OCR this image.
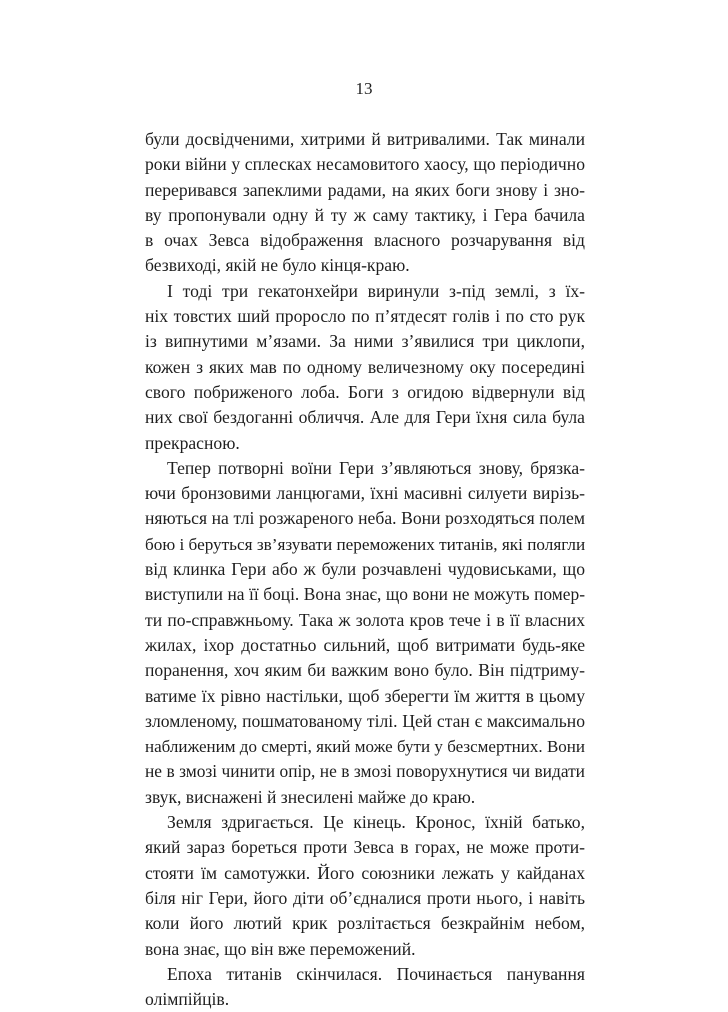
13
були досвідченими, хитрими й витривалими. Так минали
роки війни у сплесках несамовитого хаосу, що періодично
переривався запеклими радами, на яких боги знову і зно-
ву пропонували одну й ту ж саму тактику, і Гера бачила
в очах Зевса відображення власного розчарування від
безвиході, якій не було кінця-краю.
І тоді три гекатонхейри виринули з-під землі, з їх-
ніх товстих ший проросло по п’ятдесят голів і по сто рук
із випнутими м’язами. За ними з’явилися три циклопи,
кожен з яких мав по одному величезному оку посередині
свого побриженого лоба. Боги з огидою відвернули від
них свої бездоганні обличчя. Але для Гери їхня сила була
прекрасною.
Тепер потворні воїни Гери з’являються знову, брязка-
ючи бронзовими ланцюгами, їхні масивні силуети вирізь-
няються на тлі розжареного неба. Вони розходяться полем
бою і беруться зв’язувати переможених титанів, які полягли
від клинка Гери або ж були розчавлені чудовиськами, що
виступили на її боці. Вона знає, що вони не можуть помер-
ти по-справжньому. Така ж золота кров тече і в її власних
жилах, іхор достатньо сильний, щоб витримати будь-яке
поранення, хоч яким би важким воно було. Він підтриму-
ватиме їх рівно настільки, щоб зберегти їм життя в цьому
зломленому, пошматованому тілі. Цей стан є максимально
наближеним до смерті, який може бути у безсмертних. Вони
не в змозі чинити опір, не в змозі поворухнутися чи видати
звук, виснажені й знесилені майже до краю.
Земля здригається. Це кінець. Кронос, їхній батько,
який зараз бореться проти Зевса в горах, не може проти-
стояти їм самотужки. Його союзники лежать у кайданах
біля ніг Гери, його діти об’єдналися проти нього, і навіть
коли його лютий крик розлітається безкрайнім небом,
вона знає, що він вже переможений.
Епоха титанів скінчилася. Починається панування
олімпійців.
